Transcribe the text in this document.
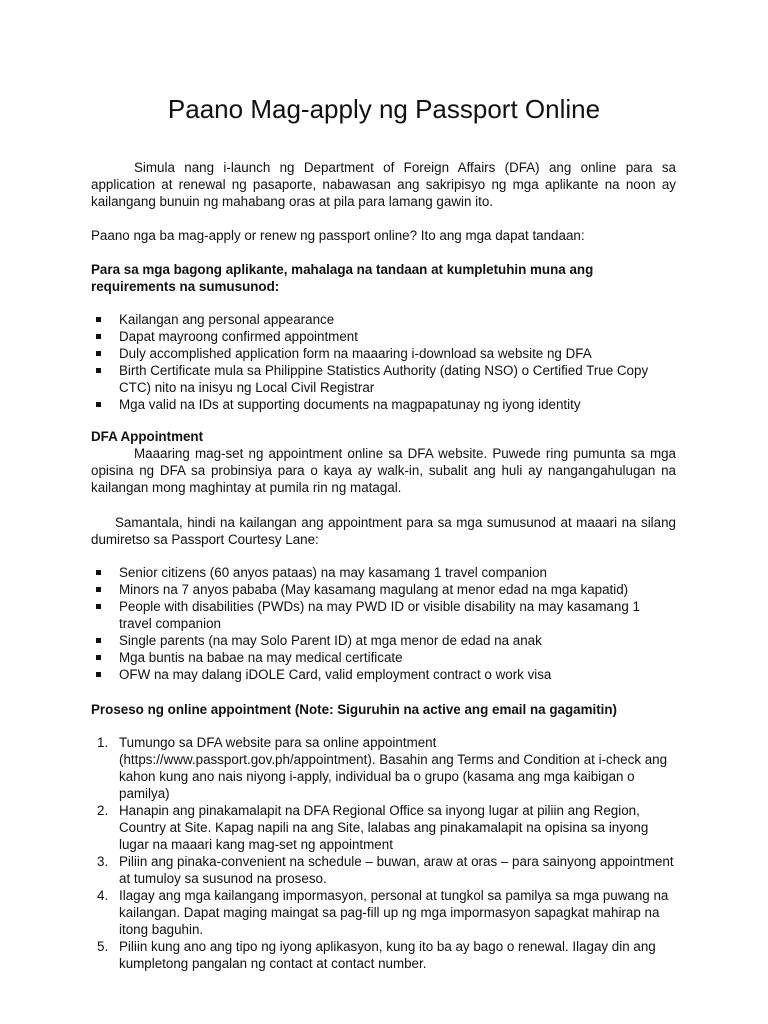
Paano Mag-apply ng Passport Online

Simula nang i-launch ng Department of Foreign Affairs (DFA) ang online para sa application at renewal ng pasaporte, nabawasan ang sakripisyo ng mga aplikante na noon ay kailangang bunuin ng mahabang oras at pila para lamang gawin ito.

Paano nga ba mag-apply or renew ng passport online? Ito ang mga dapat tandaan:

Para sa mga bagong aplikante, mahalaga na tandaan at kumpletuhin muna ang requirements na sumusunod:

Kailangan ang personal appearance
Dapat mayroong confirmed appointment
Duly accomplished application form na maaaring i-download sa website ng DFA
Birth Certificate mula sa Philippine Statistics Authority (dating NSO) o Certified True Copy CTC) nito na inisyu ng Local Civil Registrar
Mga valid na IDs at supporting documents na magpapatunay ng iyong identity

DFA Appointment

Maaaring mag-set ng appointment online sa DFA website. Puwede ring pumunta sa mga opisina ng DFA sa probinsiya para o kaya ay walk-in, subalit ang huli ay nangangahulugan na kailangan mong maghintay at pumila rin ng matagal.

Samantala, hindi na kailangan ang appointment para sa mga sumusunod at maaari na silang dumiretso sa Passport Courtesy Lane:

Senior citizens (60 anyos pataas) na may kasamang 1 travel companion
Minors na 7 anyos pababa (May kasamang magulang at menor edad na mga kapatid)
People with disabilities (PWDs) na may PWD ID or visible disability na may kasamang 1 travel companion
Single parents (na may Solo Parent ID) at mga menor de edad na anak
Mga buntis na babae na may medical certificate
OFW na may dalang iDOLE Card, valid employment contract o work visa

Proseso ng online appointment (Note: Siguruhin na active ang email na gagamitin)

1. Tumungo sa DFA website para sa online appointment (https://www.passport.gov.ph/appointment). Basahin ang Terms and Condition at i-check ang kahon kung ano nais niyong i-apply, individual ba o grupo (kasama ang mga kaibigan o pamilya)
2. Hanapin ang pinakamalapit na DFA Regional Office sa inyong lugar at piliin ang Region, Country at Site. Kapag napili na ang Site, lalabas ang pinakamalapit na opisina sa inyong lugar na maaari kang mag-set ng appointment
3. Piliin ang pinaka-convenient na schedule – buwan, araw at oras – para sainyong appointment at tumuloy sa susunod na proseso.
4. Ilagay ang mga kailangang impormasyon, personal at tungkol sa pamilya sa mga puwang na kailangan. Dapat maging maingat sa pag-fill up ng mga impormasyon sapagkat mahirap na itong baguhin.
5. Piliin kung ano ang tipo ng iyong aplikasyon, kung ito ba ay bago o renewal. Ilagay din ang kumpletong pangalan ng contact at contact number.
